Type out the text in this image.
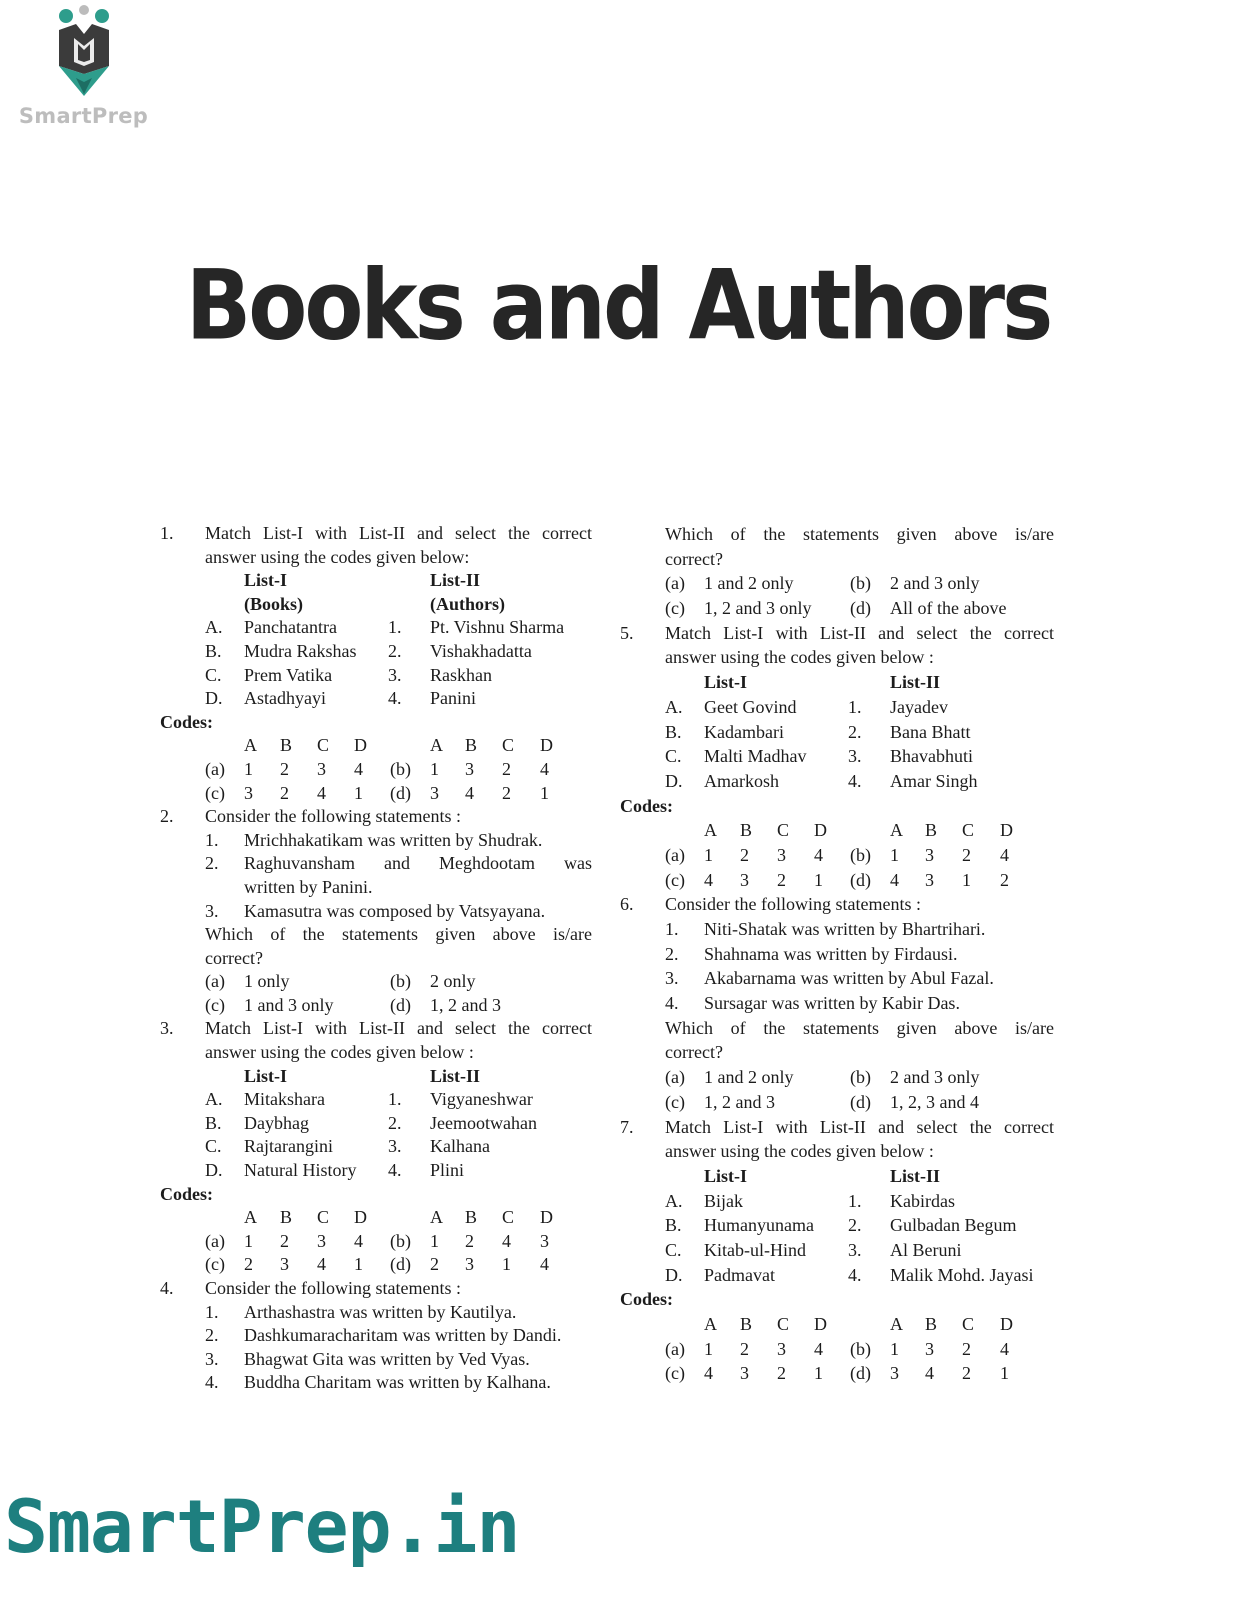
SmartPrep
Books and Authors
1. Match List-I with List-II and select the correct
answer using the codes given below:
List-I	List-II
(Books)	(Authors)
A. Panchatantra	1. Pt. Vishnu Sharma
B. Mudra Rakshas 2. Vishakhadatta
C. Prem Vatika	3. Raskhan
D. Astadhyayi	4. Panini
Codes:
A B C D	A B C D
(a) 1 2 3 4 (b) 1 3 2 4
(c) 3 2 4 1 (d) 3 4 2 1
2. Consider the following statements :
1. Mrichhakatikam was written by Shudrak.
2. Raghuvansham and Meghdootam was
written by Panini.
3. Kamasutra was composed by Vatsyayana.
Which of the statements given above is/are
correct?
(a) 1 only	(b) 2 only
(c) 1 and 3 only	(d) 1, 2 and 3
3. Match List-I with List-II and select the correct
answer using the codes given below :
List-I	List-II
A. Mitakshara	1. Vigyaneshwar
B. Daybhag	2. Jeemootwahan
C. Rajtarangini	3. Kalhana
D. Natural History 4. Plini
Codes:
A B C D	A B C D
(a) 1 2 3 4 (b) 1 2 4 3
(c) 2 3 4 1 (d) 2 3 1 4
4. Consider the following statements :
1. Arthashastra was written by Kautilya.
2. Dashkumaracharitam was written by Dandi.
3. Bhagwat Gita was written by Ved Vyas.
4. Buddha Charitam was written by Kalhana.
Which of the statements given above is/are
correct?
(a) 1 and 2 only	(b) 2 and 3 only
(c) 1, 2 and 3 only (d) All of the above
5. Match List-I with List-II and select the correct
answer using the codes given below :
List-I	List-II
A. Geet Govind	1. Jayadev
B. Kadambari	2. Bana Bhatt
C. Malti Madhav 3. Bhavabhuti
D. Amarkosh	4. Amar Singh
Codes:
A B C D	A B C D
(a) 1 2 3 4 (b) 1 3 2 4
(c) 4 3 2 1 (d) 4 3 1 2
6. Consider the following statements :
1. Niti-Shatak was written by Bhartrihari.
2. Shahnama was written by Firdausi.
3. Akabarnama was written by Abul Fazal.
4. Sursagar was written by Kabir Das.
Which of the statements given above is/are
correct?
(a) 1 and 2 only	(b) 2 and 3 only
(c) 1, 2 and 3	(d) 1, 2, 3 and 4
7. Match List-I with List-II and select the correct
answer using the codes given below :
List-I	List-II
A. Bijak	1. Kabirdas
B. Humanyunama 2. Gulbadan Begum
C. Kitab-ul-Hind 3. Al Beruni
D. Padmavat	4. Malik Mohd. Jayasi
Codes:
A B C D	A B C D
(a) 1 2 3 4 (b) 1 3 2 4
(c) 4 3 2 1 (d) 3 4 2 1
SmartPrep.in
